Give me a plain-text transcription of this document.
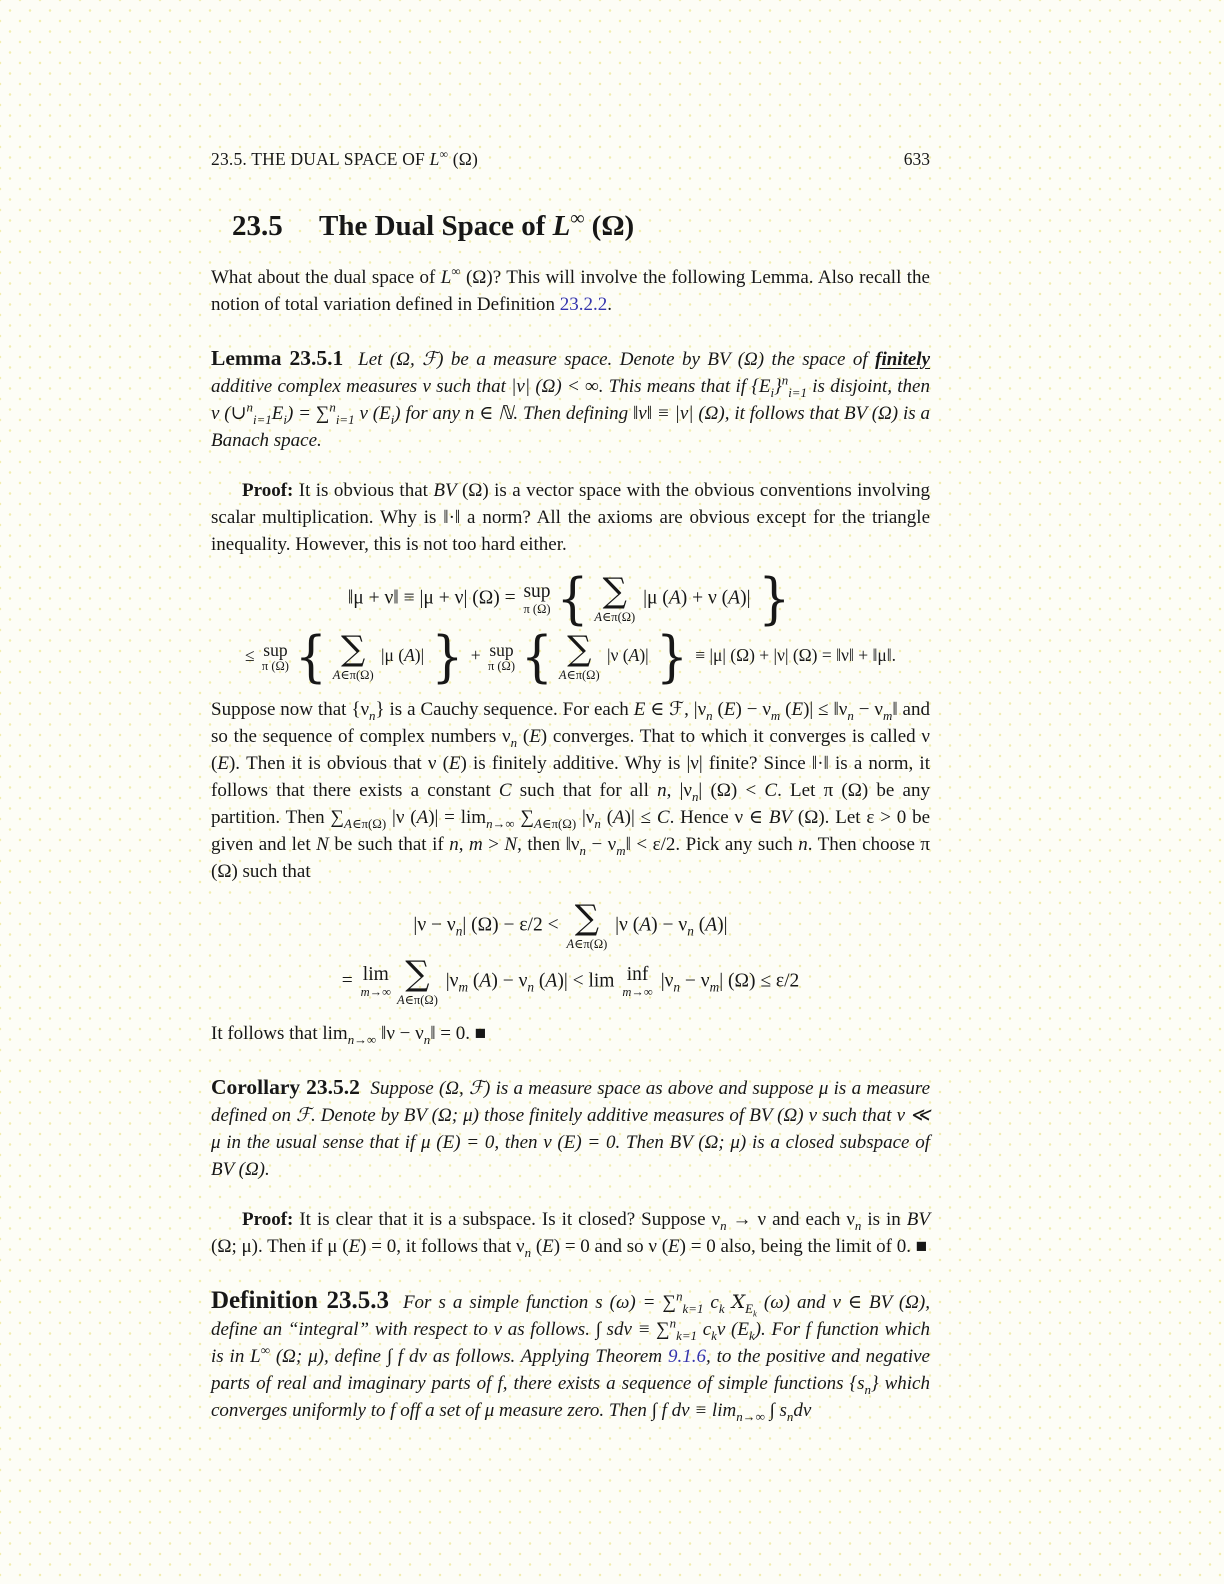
23.5. THE DUAL SPACE OF L∞ (Ω)	633
23.5  The Dual Space of L∞ (Ω)

What about the dual space of L∞ (Ω)? This will involve the following Lemma. Also recall the notion of total variation defined in Definition 23.2.2.

Lemma 23.5.1 Let (Ω, ℱ) be a measure space. Denote by BV (Ω) the space of finitely additive complex measures ν such that |ν| (Ω) < ∞. This means that if $\{E_i\}^n_{i=1}$ is disjoint, then ν $(\cup^n_{i=1}E_i) = \sum^n_{i=1}$ ν $(E_i)$ for any n ∈ ℕ. Then defining ‖ν‖ ≡ |ν| (Ω), it follows that BV (Ω) is a Banach space.

Proof: It is obvious that BV (Ω) is a vector space with the obvious conventions involving scalar multiplication. Why is ‖·‖ a norm? All the axioms are obvious except for the triangle inequality. However, this is not too hard either.

‖μ + ν‖ ≡ |μ + ν| (Ω) = sup
π (Ω) { ∑
A∈π(Ω)
|μ (A) + ν (A)| }
≤ sup
π (Ω) { ∑
A∈π(Ω)
|μ (A)| } + sup
π (Ω) { ∑
A∈π(Ω)
|ν (A)| } ≡ |μ| (Ω) + |ν| (Ω) = ‖ν‖ + ‖μ‖.

Suppose now that $\{\nu_n\}$ is a Cauchy sequence. For each E ∈ ℱ, $|\nu_n$ $(E) - \nu_m$ $(E)| \le ‖\nu_n$ − $\nu_m‖$ and so the sequence of complex numbers $\nu_n$ (E) converges. That to which it converges is called ν (E). Then it is obvious that ν (E) is finitely additive. Why is |ν| finite? Since ‖·‖ is a norm, it follows that there exists a constant C such that for all n, $|\nu_n|$ (Ω) < C. Let π (Ω) be any partition. Then $\sum_{A\in\pi(\Omega)}$ |ν $(A)| = \lim_{n\to\infty} \sum_{A\in\pi(\Omega)}$ $|\nu_n$ (A)| ≤ C. Hence ν ∈ BV (Ω). Let ε > 0 be given and let N be such that if n, m > N, then $‖\nu_n$ − $\nu_m‖ < \varepsilon/2$. Pick any such n. Then choose π (Ω) such that

$|\nu - \nu_n|$ (Ω) − ε/2 < ∑
A∈π(Ω)
|ν $(A) - \nu_n$ (A)|
= lim
m→∞ ∑
A∈π(Ω)
$|\nu_m$ $(A) - \nu_n$ (A)| < lim inf
m→∞
$|\nu_n - \nu_m|$ (Ω) ≤ ε/2

It follows that $\lim_{n\to\infty}$ ‖ν − $\nu_n‖ = 0$. ■

Corollary 23.5.2 Suppose (Ω, ℱ) is a measure space as above and suppose μ is a measure defined on ℱ. Denote by BV (Ω; μ) those finitely additive measures of BV (Ω) ν such that ν ≪ μ in the usual sense that if μ (E) = 0, then ν (E) = 0. Then BV (Ω; μ) is a closed subspace of BV (Ω).

Proof: It is clear that it is a subspace. Is it closed? Suppose $\nu_n \to \nu$ and each $\nu_n$ is in BV (Ω; μ). Then if μ (E) = 0, it follows that $\nu_n$ (E) = 0 and so ν (E) = 0 also, being the limit of 0. ■

Definition 23.5.3 For s a simple function s (ω) = ∑$^n_{k=1}$ $c_k$ $X_{E_k}$ (ω) and ν ∈ BV (Ω), define an “integral” with respect to ν as follows. ∫ sdν ≡ ∑$^n_{k=1}$ $c_k\nu$ $(E_k)$. For f function which is in L∞ (Ω; μ), define ∫ f dν as follows. Applying Theorem 9.1.6, to the positive and negative parts of real and imaginary parts of f, there exists a sequence of simple functions $\{s_n\}$ which converges uniformly to f off a set of μ measure zero. Then ∫ f $d\nu \equiv \lim_{n\to\infty}$ ∫ $s_nd\nu$
